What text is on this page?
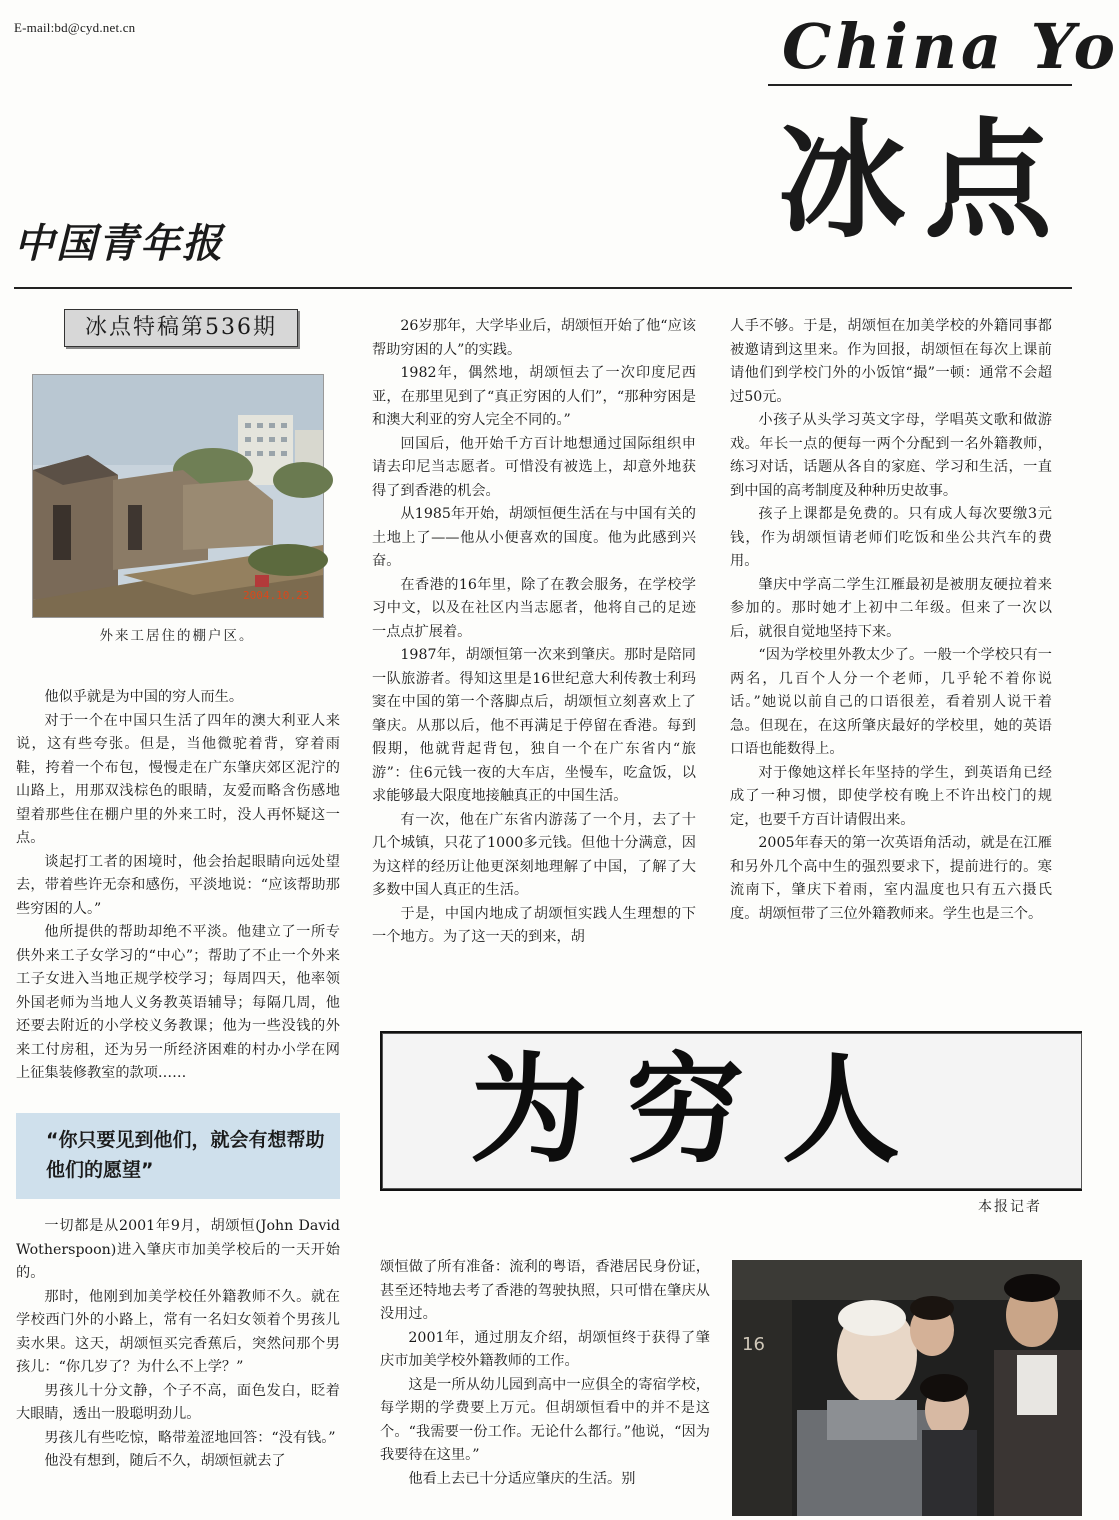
E-mail:bd@cyd.net.cn	China Yo
冰点
中国青年报
冰点特稿第536期
2004.10.23
外来工居住的棚户区。

他似乎就是为中国的穷人而生。

对于一个在中国只生活了四年的澳大利亚人来说，这有些夸张。但是，当他微驼着背，穿着雨鞋，挎着一个布包，慢慢走在广东肇庆郊区泥泞的山路上，用那双浅棕色的眼睛，友爱而略含伤感地望着那些住在棚户里的外来工时，没人再怀疑这一点。

谈起打工者的困境时，他会抬起眼睛向远处望去，带着些许无奈和感伤，平淡地说：“应该帮助那些穷困的人。”

他所提供的帮助却绝不平淡。他建立了一所专供外来工子女学习的“中心”；帮助了不止一个外来工子女进入当地正规学校学习；每周四天，他率领外国老师为当地人义务教英语辅导；每隔几周，他还要去附近的小学校义务教课；他为一些没钱的外来工付房租，还为另一所经济困难的村办小学在网上征集装修教室的款项……

“你只要见到他们，就会有想帮助他们的愿望”

一切都是从2001年9月，胡颂恒(John David Wotherspoon)进入肇庆市加美学校后的一天开始的。

那时，他刚到加美学校任外籍教师不久。就在学校西门外的小路上，常有一名妇女领着个男孩儿卖水果。这天，胡颂恒买完香蕉后，突然问那个男孩儿：“你几岁了？为什么不上学？”

男孩儿十分文静，个子不高，面色发白，眨着大眼睛，透出一股聪明劲儿。

男孩儿有些吃惊，略带羞涩地回答：“没有钱。”

他没有想到，随后不久，胡颂恒就去了

26岁那年，大学毕业后，胡颂恒开始了他“应该帮助穷困的人”的实践。

1982年，偶然地，胡颂恒去了一次印度尼西亚，在那里见到了“真正穷困的人们”，“那种穷困是和澳大利亚的穷人完全不同的。”

回国后，他开始千方百计地想通过国际组织申请去印尼当志愿者。可惜没有被选上，却意外地获得了到香港的机会。

从1985年开始，胡颂恒便生活在与中国有关的土地上了——他从小便喜欢的国度。他为此感到兴奋。

在香港的16年里，除了在教会服务，在学校学习中文，以及在社区内当志愿者，他将自己的足迹一点点扩展着。

1987年，胡颂恒第一次来到肇庆。那时是陪同一队旅游者。得知这里是16世纪意大利传教士利玛窦在中国的第一个落脚点后，胡颂恒立刻喜欢上了肇庆。从那以后，他不再满足于停留在香港。每到假期，他就背起背包，独自一个在广东省内“旅游”：住6元钱一夜的大车店，坐慢车，吃盒饭，以求能够最大限度地接触真正的中国生活。

有一次，他在广东省内游荡了一个月，去了十几个城镇，只花了1000多元钱。但他十分满意，因为这样的经历让他更深刻地理解了中国，了解了大多数中国人真正的生活。

于是，中国内地成了胡颂恒实践人生理想的下一个地方。为了这一天的到来，胡

人手不够。于是，胡颂恒在加美学校的外籍同事都被邀请到这里来。作为回报，胡颂恒在每次上课前请他们到学校门外的小饭馆“撮”一顿：通常不会超过50元。

小孩子从头学习英文字母，学唱英文歌和做游戏。年长一点的便每一两个分配到一名外籍教师，练习对话，话题从各自的家庭、学习和生活，一直到中国的高考制度及种种历史故事。

孩子上课都是免费的。只有成人每次要缴3元钱，作为胡颂恒请老师们吃饭和坐公共汽车的费用。

肇庆中学高二学生江雁最初是被朋友硬拉着来参加的。那时她才上初中二年级。但来了一次以后，就很自觉地坚持下来。

“因为学校里外教太少了。一般一个学校只有一两名，几百个人分一个老师，几乎轮不着你说话。”她说以前自己的口语很差，看着别人说干着急。但现在，在这所肇庆最好的学校里，她的英语口语也能数得上。

对于像她这样长年坚持的学生，到英语角已经成了一种习惯，即使学校有晚上不许出校门的规定，也要千方百计请假出来。

2005年春天的第一次英语角活动，就是在江雁和另外几个高中生的强烈要求下，提前进行的。寒流南下，肇庆下着雨，室内温度也只有五六摄氏度。胡颂恒带了三位外籍教师来。学生也是三个。

为穷人
本报记者

颂恒做了所有准备：流利的粤语，香港居民身份证，甚至还特地去考了香港的驾驶执照，只可惜在肇庆从没用过。

2001年，通过朋友介绍，胡颂恒终于获得了肇庆市加美学校外籍教师的工作。

这是一所从幼儿园到高中一应俱全的寄宿学校，每学期的学费要上万元。但胡颂恒看中的并不是这个。“我需要一份工作。无论什么都行。”他说，“因为我要待在这里。”

他看上去已十分适应肇庆的生活。别

16
